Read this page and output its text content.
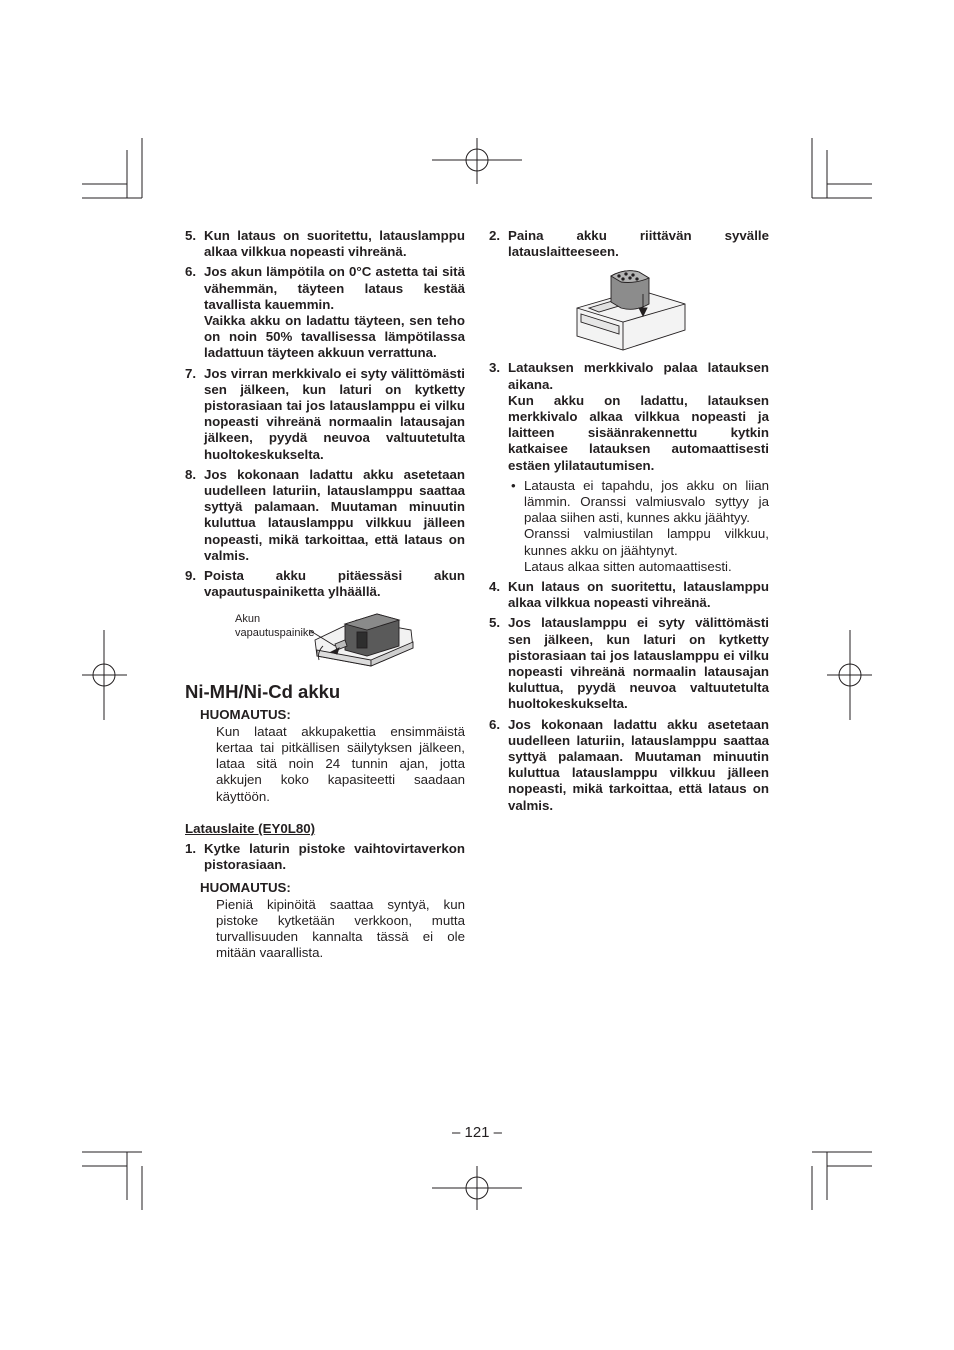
5. Kun lataus on suoritettu, latauslamppu alkaa vilkkua nopeasti vihreänä.
6. Jos akun lämpötila on 0°C astetta tai sitä vähemmän, täyteen lataus kestää tavallista kauemmin.
Vaikka akku on ladattu täyteen, sen teho on noin 50% tavallisessa lämpötilassa ladattuun täyteen akkuun verrattuna.
7. Jos virran merkkivalo ei syty välittömästi sen jälkeen, kun laturi on kytketty pistorasiaan tai jos latauslamppu ei vilku nopeasti vihreänä normaalin latausajan jälkeen, pyydä neuvoa valtuutetulta huoltokeskukselta.
8. Jos kokonaan ladattu akku asetetaan uudelleen laturiin, latauslamppu saattaa syttyä palamaan. Muutaman minuutin kuluttua latauslamppu vilkkuu jälleen nopeasti, mikä tarkoittaa, että lataus on valmis.
9. Poista akku pitäessäsi akun vapautuspainiketta ylhäällä.
Akun vapautuspainike
Ni-MH/Ni-Cd akku
HUOMAUTUS:
Kun lataat akkupakettia ensimmäistä kertaa tai pitkällisen säilytyksen jälkeen, lataa sitä noin 24 tunnin ajan, jotta akkujen koko kapasiteetti saadaan käyttöön.
Latauslaite (EY0L80)
1. Kytke laturin pistoke vaihtovirtaverkon pistorasiaan.
HUOMAUTUS:
Pieniä kipinöitä saattaa syntyä, kun pistoke kytketään verkkoon, mutta turvallisuuden kannalta tässä ei ole mitään vaarallista.
2. Paina akku riittävän syvälle latauslaitteeseen.
3. Latauksen merkkivalo palaa latauksen aikana.
Kun akku on ladattu, latauksen merkkivalo alkaa vilkkua nopeasti ja laitteen sisäänrakennettu kytkin katkaisee latauksen automaattisesti estäen ylilatautumisen.
• Latausta ei tapahdu, jos akku on liian lämmin. Oranssi valmiusvalo syttyy ja palaa siihen asti, kunnes akku jäähtyy.
Oranssi valmiustilan lamppu vilkkuu, kunnes akku on jäähtynyt.
Lataus alkaa sitten automaattisesti.
4. Kun lataus on suoritettu, latauslamppu alkaa vilkkua nopeasti vihreänä.
5. Jos latauslamppu ei syty välittömästi sen jälkeen, kun laturi on kytketty pistorasiaan tai jos latauslamppu ei vilku nopeasti vihreänä normaalin latausajan kuluttua, pyydä neuvoa valtuutetulta huoltokeskukselta.
6. Jos kokonaan ladattu akku asetetaan uudelleen laturiin, latauslamppu saattaa syttyä palamaan. Muutaman minuutin kuluttua latauslamppu vilkkuu jälleen nopeasti, mikä tarkoittaa, että lataus on valmis.
– 121 –
